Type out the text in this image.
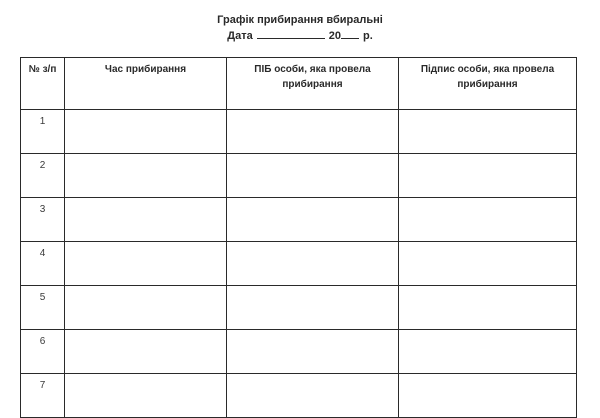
Графік прибирання вбиральні
Дата	20 р.
№ з/п	Час прибирання	ПІБ особи, яка провела прибирання	Підпис особи, яка провела прибирання
1			
2			
3			
4			
5			
6			
7			
